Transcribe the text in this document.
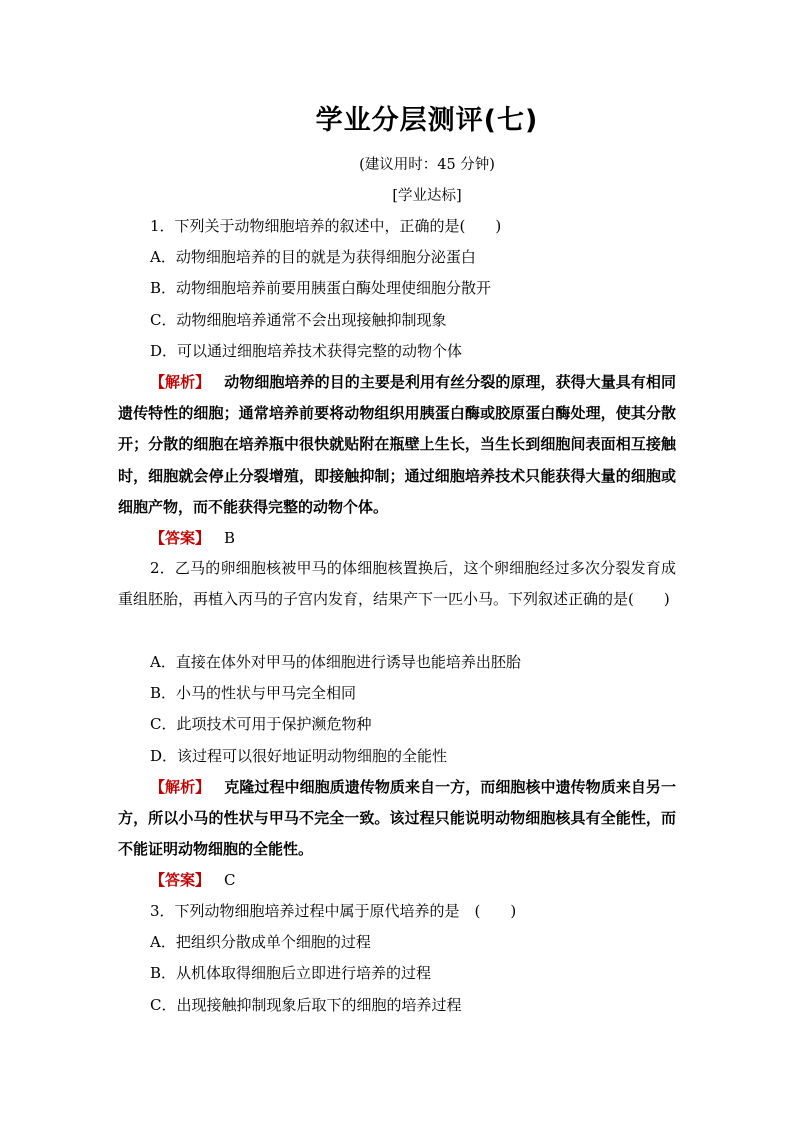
学业分层测评(七)
(建议用时：45 分钟)
[学业达标]
1．下列关于动物细胞培养的叙述中，正确的是(　　)
A．动物细胞培养的目的就是为获得细胞分泌蛋白
B．动物细胞培养前要用胰蛋白酶处理使细胞分散开
C．动物细胞培养通常不会出现接触抑制现象
D．可以通过细胞培养技术获得完整的动物个体

【解析】 动物细胞培养的目的主要是利用有丝分裂的原理，获得大量具有相同遗传特性的细胞；通常培养前要将动物组织用胰蛋白酶或胶原蛋白酶处理，使其分散开；分散的细胞在培养瓶中很快就贴附在瓶壁上生长，当生长到细胞间表面相互接触时，细胞就会停止分裂增殖，即接触抑制；通过细胞培养技术只能获得大量的细胞或细胞产物，而不能获得完整的动物个体。

【答案】 B

2．乙马的卵细胞核被甲马的体细胞核置换后，这个卵细胞经过多次分裂发育成重组胚胎，再植入丙马的子宫内发育，结果产下一匹小马。下列叙述正确的是(　　)

A．直接在体外对甲马的体细胞进行诱导也能培养出胚胎
B．小马的性状与甲马完全相同
C．此项技术可用于保护濒危物种
D．该过程可以很好地证明动物细胞的全能性

【解析】 克隆过程中细胞质遗传物质来自一方，而细胞核中遗传物质来自另一方，所以小马的性状与甲马不完全一致。该过程只能说明动物细胞核具有全能性，而不能证明动物细胞的全能性。

【答案】 C
3．下列动物细胞培养过程中属于原代培养的是　(　　)
A．把组织分散成单个细胞的过程
B．从机体取得细胞后立即进行培养的过程
C．出现接触抑制现象后取下的细胞的培养过程
